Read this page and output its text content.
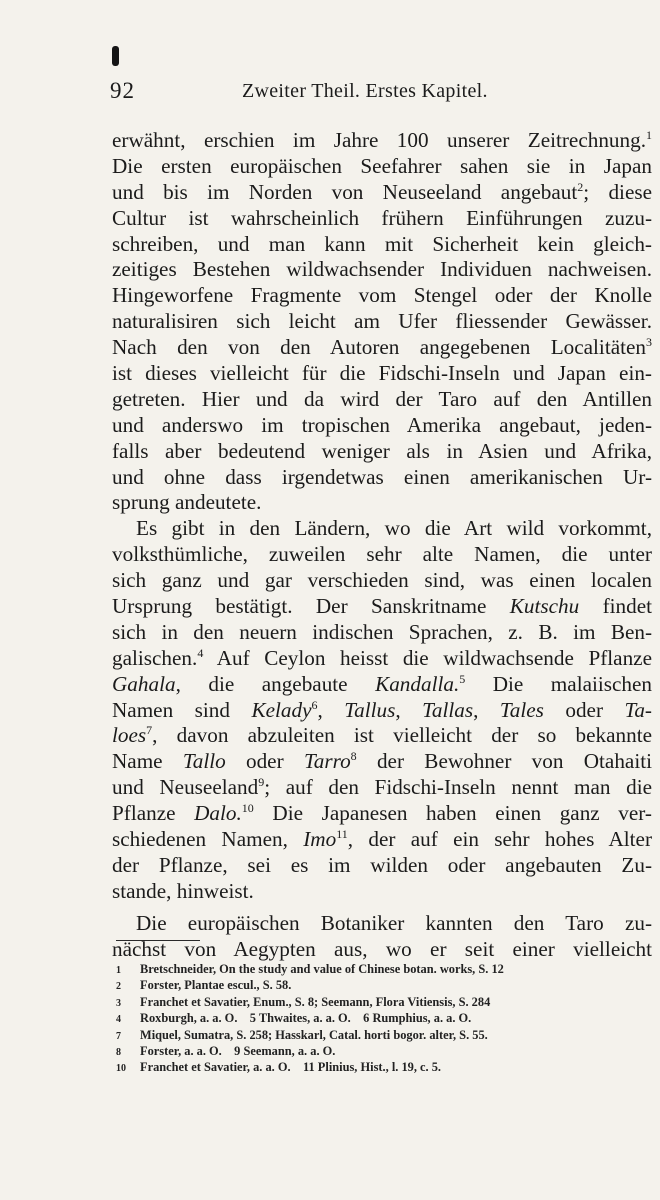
92	Zweiter Theil. Erstes Kapitel.
erwähnt, erschien im Jahre 100 unserer Zeitrechnung.$^1$
Die ersten europäischen Seefahrer sahen sie in Japan
und bis im Norden von Neuseeland angebaut$^2$; diese
Cultur ist wahrscheinlich frühern Einführungen zuzu-
schreiben, und man kann mit Sicherheit kein gleich-
zeitiges Bestehen wildwachsender Individuen nachweisen.
Hingeworfene Fragmente vom Stengel oder der Knolle
naturalisiren sich leicht am Ufer fliessender Gewässer.
Nach den von den Autoren angegebenen Localitäten$^3$
ist dieses vielleicht für die Fidschi-Inseln und Japan ein-
getreten. Hier und da wird der Taro auf den Antillen
und anderswo im tropischen Amerika angebaut, jeden-
falls aber bedeutend weniger als in Asien und Afrika,
und ohne dass irgendetwas einen amerikanischen Ur-
sprung andeutete.
Es gibt in den Ländern, wo die Art wild vorkommt,
volksthümliche, zuweilen sehr alte Namen, die unter
sich ganz und gar verschieden sind, was einen localen
Ursprung bestätigt. Der Sanskritname Kutschu findet
sich in den neuern indischen Sprachen, z. B. im Ben-
galischen.$^4$ Auf Ceylon heisst die wildwachsende Pflanze
Gahala, die angebaute Kandalla.$^5$ Die malaiischen
Namen sind Kelady$^6$, Tallus, Tallas, Tales oder Ta-
loes$^7$, davon abzuleiten ist vielleicht der so bekannte
Name Tallo oder Tarro$^8$ der Bewohner von Otahaiti
und Neuseeland$^9$; auf den Fidschi-Inseln nennt man die
Pflanze Dalo.$^{10}$ Die Japanesen haben einen ganz ver-
schiedenen Namen, Imo$^{11}$, der auf ein sehr hohes Alter
der Pflanze, sei es im wilden oder angebauten Zu-
stande, hinweist.
Die europäischen Botaniker kannten den Taro zu-
nächst von Aegypten aus, wo er seit einer vielleicht
1 Bretschneider, On the study and value of Chinese botan. works, S. 12
2 Forster, Plantae escul., S. 58.
3 Franchet et Savatier, Enum., S. 8; Seemann, Flora Vitiensis, S. 284
4 Roxburgh, a. a. O.    5 Thwaites, a. a. O.    6 Rumphius, a. a. O.
7 Miquel, Sumatra, S. 258; Hasskarl, Catal. horti bogor. alter, S. 55.
8 Forster, a. a. O.    9 Seemann, a. a. O.
10 Franchet et Savatier, a. a. O.    11 Plinius, Hist., l. 19, c. 5.
